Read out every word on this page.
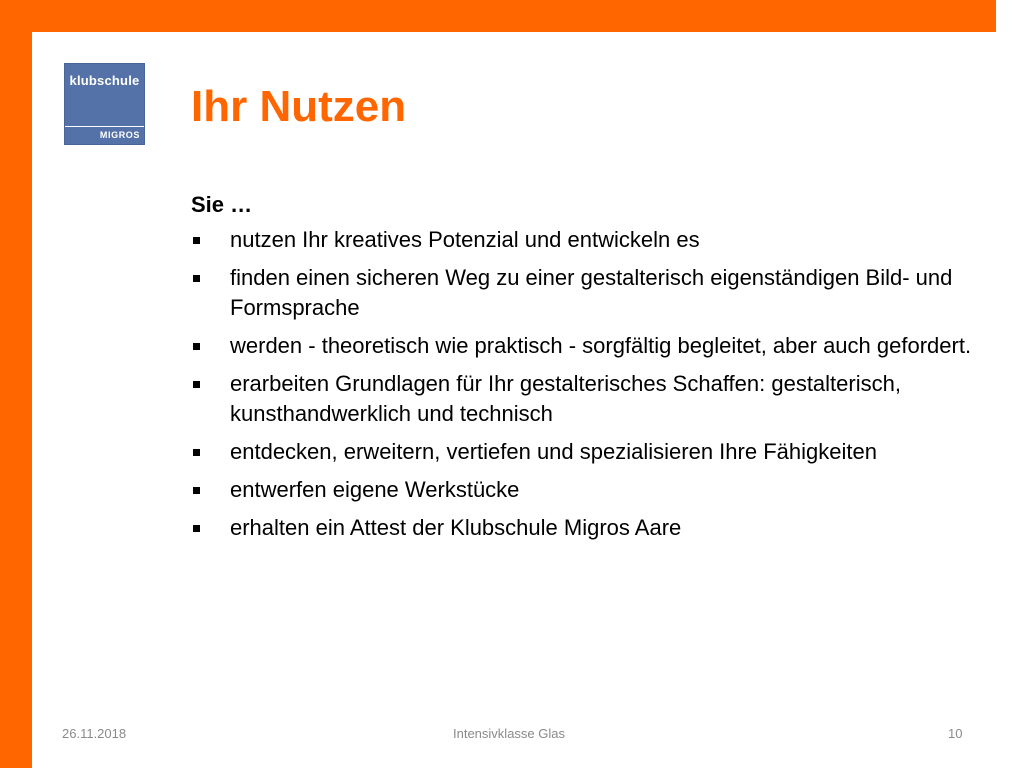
klubschule
MIGROS
Ihr Nutzen
Sie …
nutzen Ihr kreatives Potenzial und entwickeln es
finden einen sicheren Weg zu einer gestalterisch eigenständigen Bild- und Formsprache
werden - theoretisch wie praktisch - sorgfältig begleitet, aber auch gefordert.
erarbeiten Grundlagen für Ihr gestalterisches Schaffen: gestalterisch, kunsthandwerklich und technisch
entdecken, erweitern, vertiefen und spezialisieren Ihre Fähigkeiten
entwerfen eigene Werkstücke
erhalten ein Attest der Klubschule Migros Aare
26.11.2018	Intensivklasse Glas	10
